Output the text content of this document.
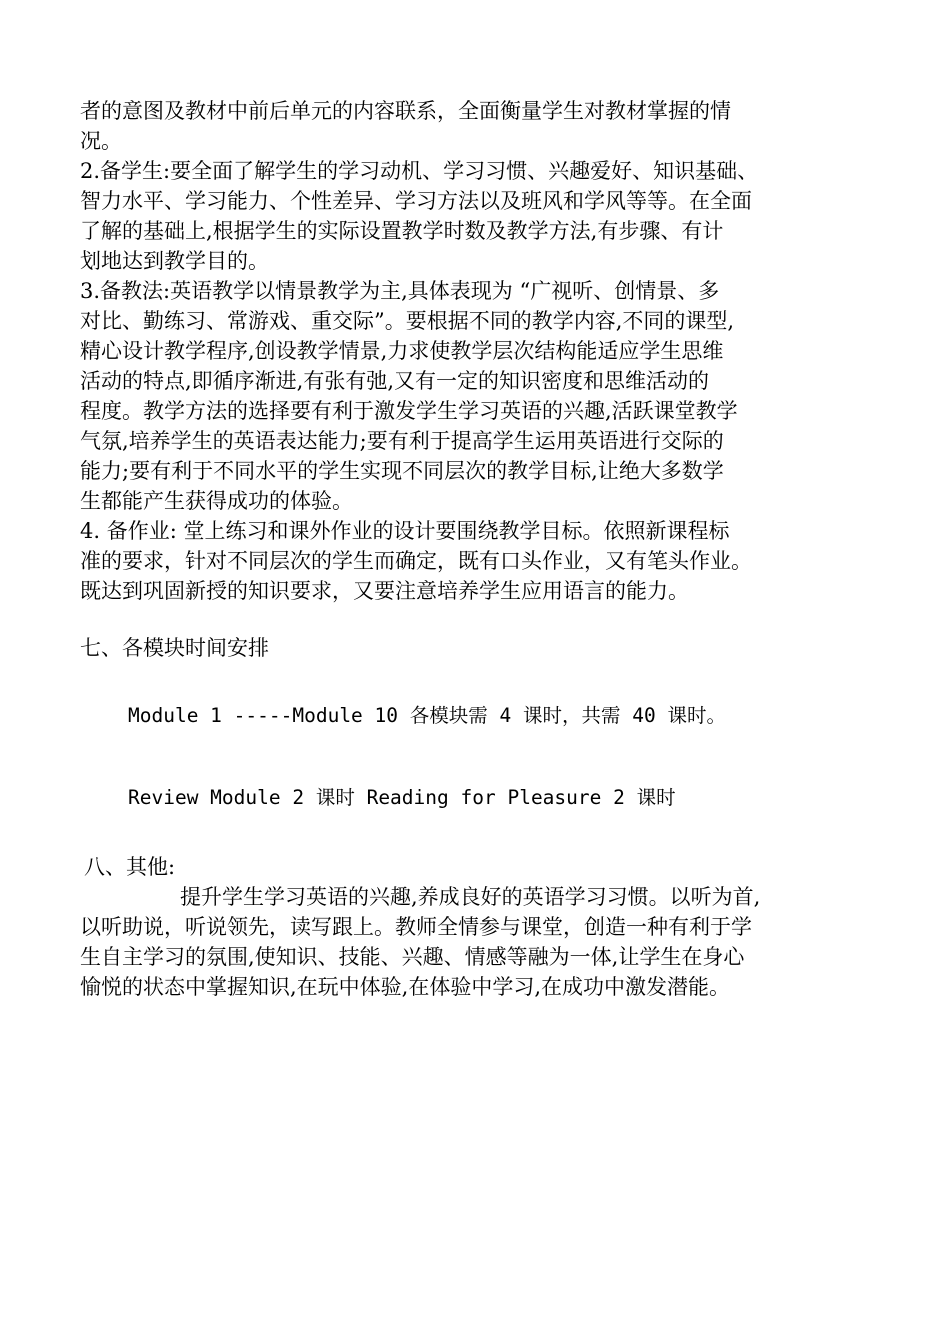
者的意图及教材中前后单元的内容联系，全面衡量学生对教材掌握的情
况。
2.备学生:要全面了解学生的学习动机、学习习惯、兴趣爱好、知识基础、
智力水平、学习能力、个性差异、学习方法以及班风和学风等等。在全面
了解的基础上,根据学生的实际设置教学时数及教学方法,有步骤、有计
划地达到教学目的。
3.备教法:英语教学以情景教学为主,具体表现为 “广视听、创情景、多
对比、勤练习、常游戏、重交际”。要根据不同的教学内容,不同的课型,
精心设计教学程序,创设教学情景,力求使教学层次结构能适应学生思维
活动的特点,即循序渐进,有张有弛,又有一定的知识密度和思维活动的
程度。教学方法的选择要有利于激发学生学习英语的兴趣,活跃课堂教学
气氛,培养学生的英语表达能力;要有利于提高学生运用英语进行交际的
能力;要有利于不同水平的学生实现不同层次的教学目标,让绝大多数学
生都能产生获得成功的体验。
4. 备作业: 堂上练习和课外作业的设计要围绕教学目标。依照新课程标
准的要求，针对不同层次的学生而确定，既有口头作业，又有笔头作业。
既达到巩固新授的知识要求，又要注意培养学生应用语言的能力。
七、各模块时间安排
Module 1 -----Module 10 各模块需 4 课时，共需 40 课时。
Review Module 2 课时 Reading for Pleasure 2 课时
八、其他:
提升学生学习英语的兴趣,养成良好的英语学习习惯。以听为首,
以听助说，听说领先，读写跟上。教师全情参与课堂，创造一种有利于学
生自主学习的氛围,使知识、技能、兴趣、情感等融为一体,让学生在身心
愉悦的状态中掌握知识,在玩中体验,在体验中学习,在成功中激发潜能。
